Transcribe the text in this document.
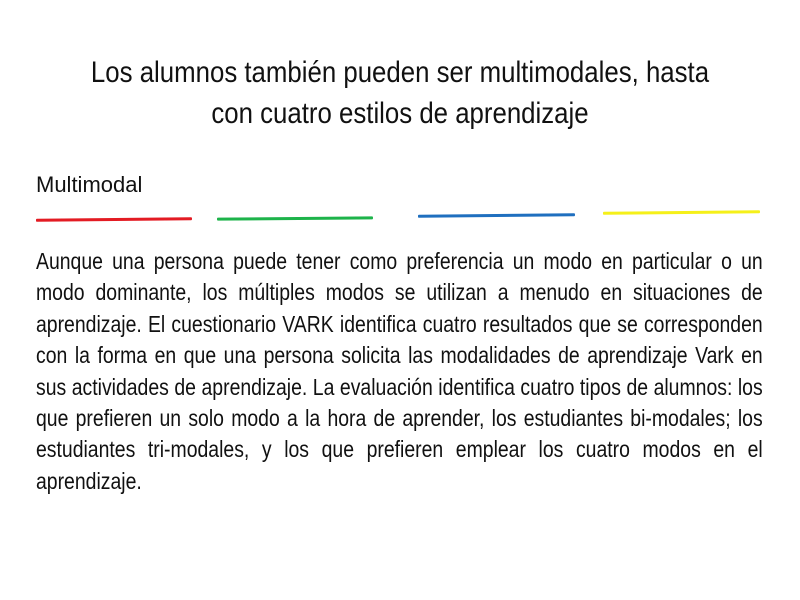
Los alumnos también pueden ser multimodales, hasta con cuatro estilos de aprendizaje
Multimodal

Aunque una persona puede tener como preferencia un modo en particular o un modo dominante, los múltiples modos se utilizan a menudo en situaciones de aprendizaje. El cuestionario VARK identifica cuatro resultados que se corresponden con la forma en que una persona solicita las modalidades de aprendizaje Vark en sus actividades de aprendizaje. La evaluación identifica cuatro tipos de alumnos: los que prefieren un solo modo a la hora de aprender, los estudiantes bi-modales; los estudiantes tri-modales, y los que prefieren emplear los cuatro modos en el aprendizaje.
